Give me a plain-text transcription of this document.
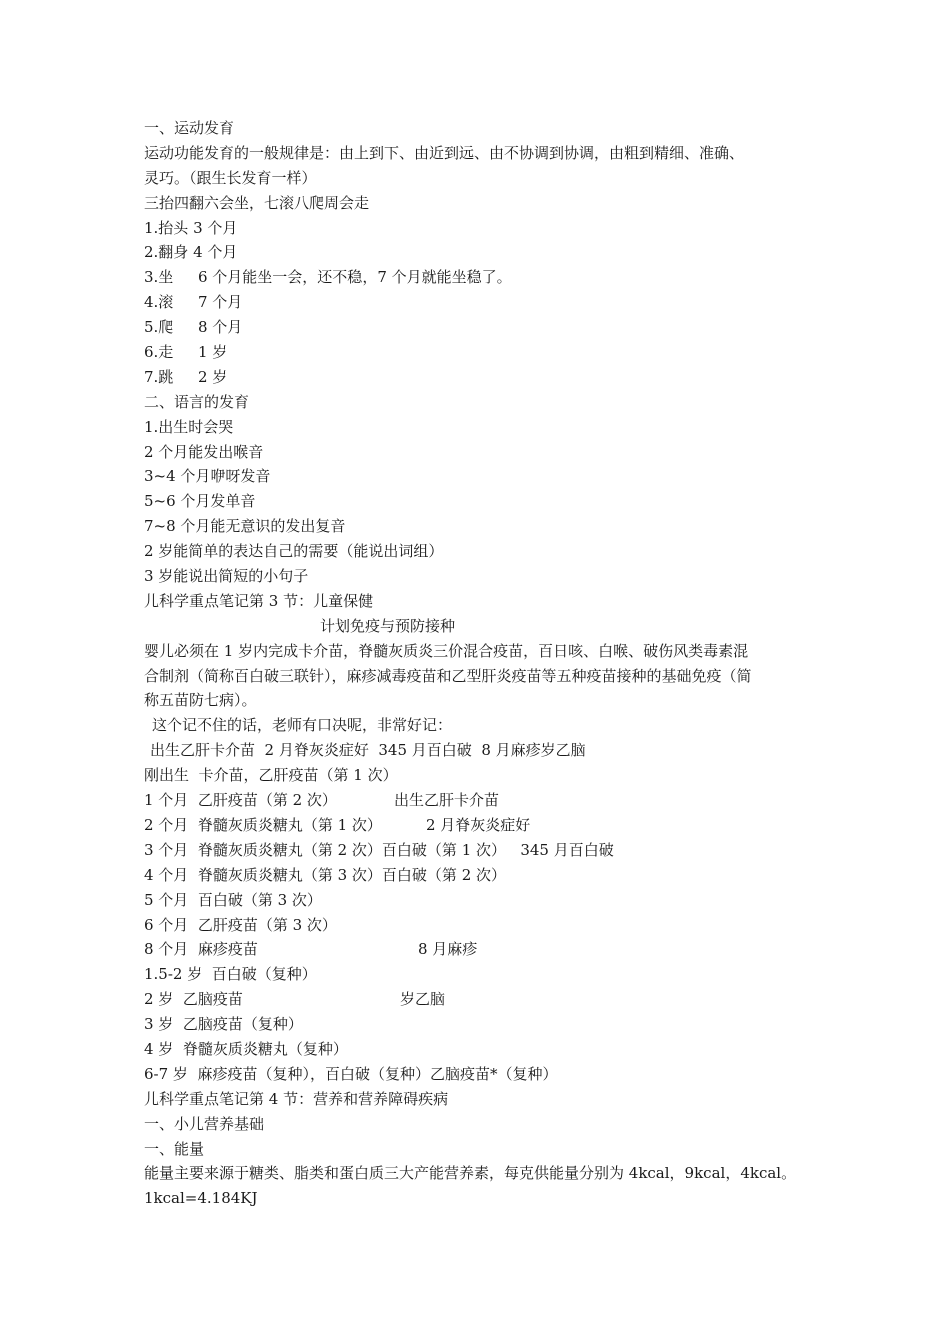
一、运动发育
运动功能发育的一般规律是：由上到下、由近到远、由不协调到协调，由粗到精细、准确、
灵巧。（跟生长发育一样）
三抬四翻六会坐，七滚八爬周会走
1.抬头 3 个月
2.翻身 4 个月
3.坐 6 个月能坐一会，还不稳，7 个月就能坐稳了。
4.滚 7 个月
5.爬 8 个月
6.走 1 岁
7.跳 2 岁
二、语言的发育
1.出生时会哭
2 个月能发出喉音
3~4 个月咿呀发音
5~6 个月发单音
7~8 个月能无意识的发出复音
2 岁能简单的表达自己的需要（能说出词组）
3 岁能说出简短的小句子
儿科学重点笔记第 3 节：儿童保健
计划免疫与预防接种
婴儿必须在 1 岁内完成卡介苗，脊髓灰质炎三价混合疫苗，百日咳、白喉、破伤风类毒素混
合制剂（简称百白破三联针），麻疹减毒疫苗和乙型肝炎疫苗等五种疫苗接种的基础免疫（简
称五苗防七病）。
这个记不住的话，老师有口决呢，非常好记：
出生乙肝卡介苗  2 月脊灰炎症好  345 月百白破  8 月麻疹岁乙脑
刚出生  卡介苗，乙肝疫苗（第 1 次）
1 个月  乙肝疫苗（第 2 次）	出生乙肝卡介苗
2 个月  脊髓灰质炎糖丸（第 1 次）	2 月脊灰炎症好
3 个月  脊髓灰质炎糖丸（第 2 次）百白破（第 1 次） 345 月百白破
4 个月  脊髓灰质炎糖丸（第 3 次）百白破（第 2 次）
5 个月  百白破（第 3 次）
6 个月  乙肝疫苗（第 3 次）
8 个月  麻疹疫苗	8 月麻疹
1.5-2 岁  百白破（复种）
2 岁  乙脑疫苗	岁乙脑
3 岁  乙脑疫苗（复种）
4 岁  脊髓灰质炎糖丸（复种）
6-7 岁  麻疹疫苗（复种），百白破（复种）乙脑疫苗*（复种）
儿科学重点笔记第 4 节：营养和营养障碍疾病
一、小儿营养基础
一、能量
能量主要来源于糖类、脂类和蛋白质三大产能营养素，每克供能量分别为 4kcal，9kcal，4kcal。
1kcal=4.184KJ
